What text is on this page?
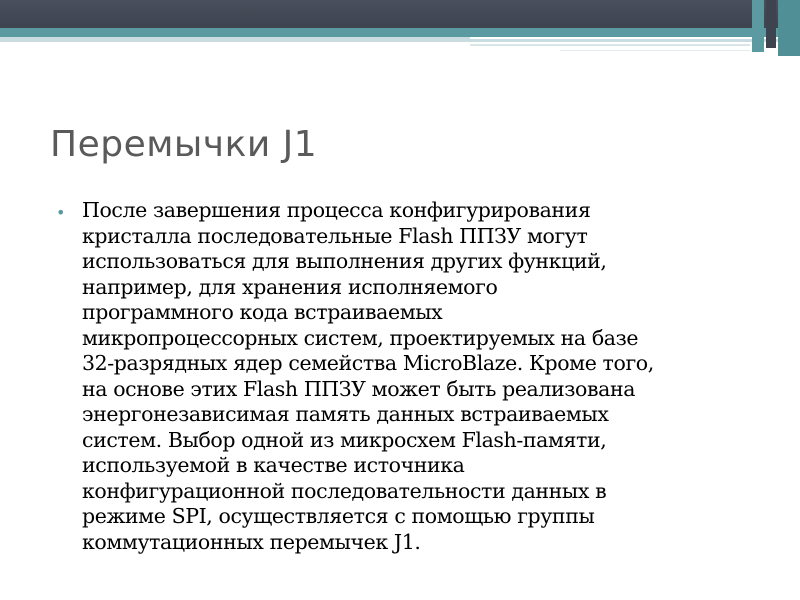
Перемычки J1
• После завершения процесса конфигурирования
кристалла последовательные Flash ППЗУ могут
использоваться для выполнения других функций,
например, для хранения исполняемого
программного кода встраиваемых
микропроцессорных систем, проектируемых на базе
32-разрядных ядер семейства MicroBlaze. Кроме того,
на основе этих Flash ППЗУ может быть реализована
энергонезависимая память данных встраиваемых
систем. Выбор одной из микросхем Flash-памяти,
используемой в качестве источника
конфигурационной последовательности данных в
режиме SPI, осуществляется с помощью группы
коммутационных перемычек J1.
